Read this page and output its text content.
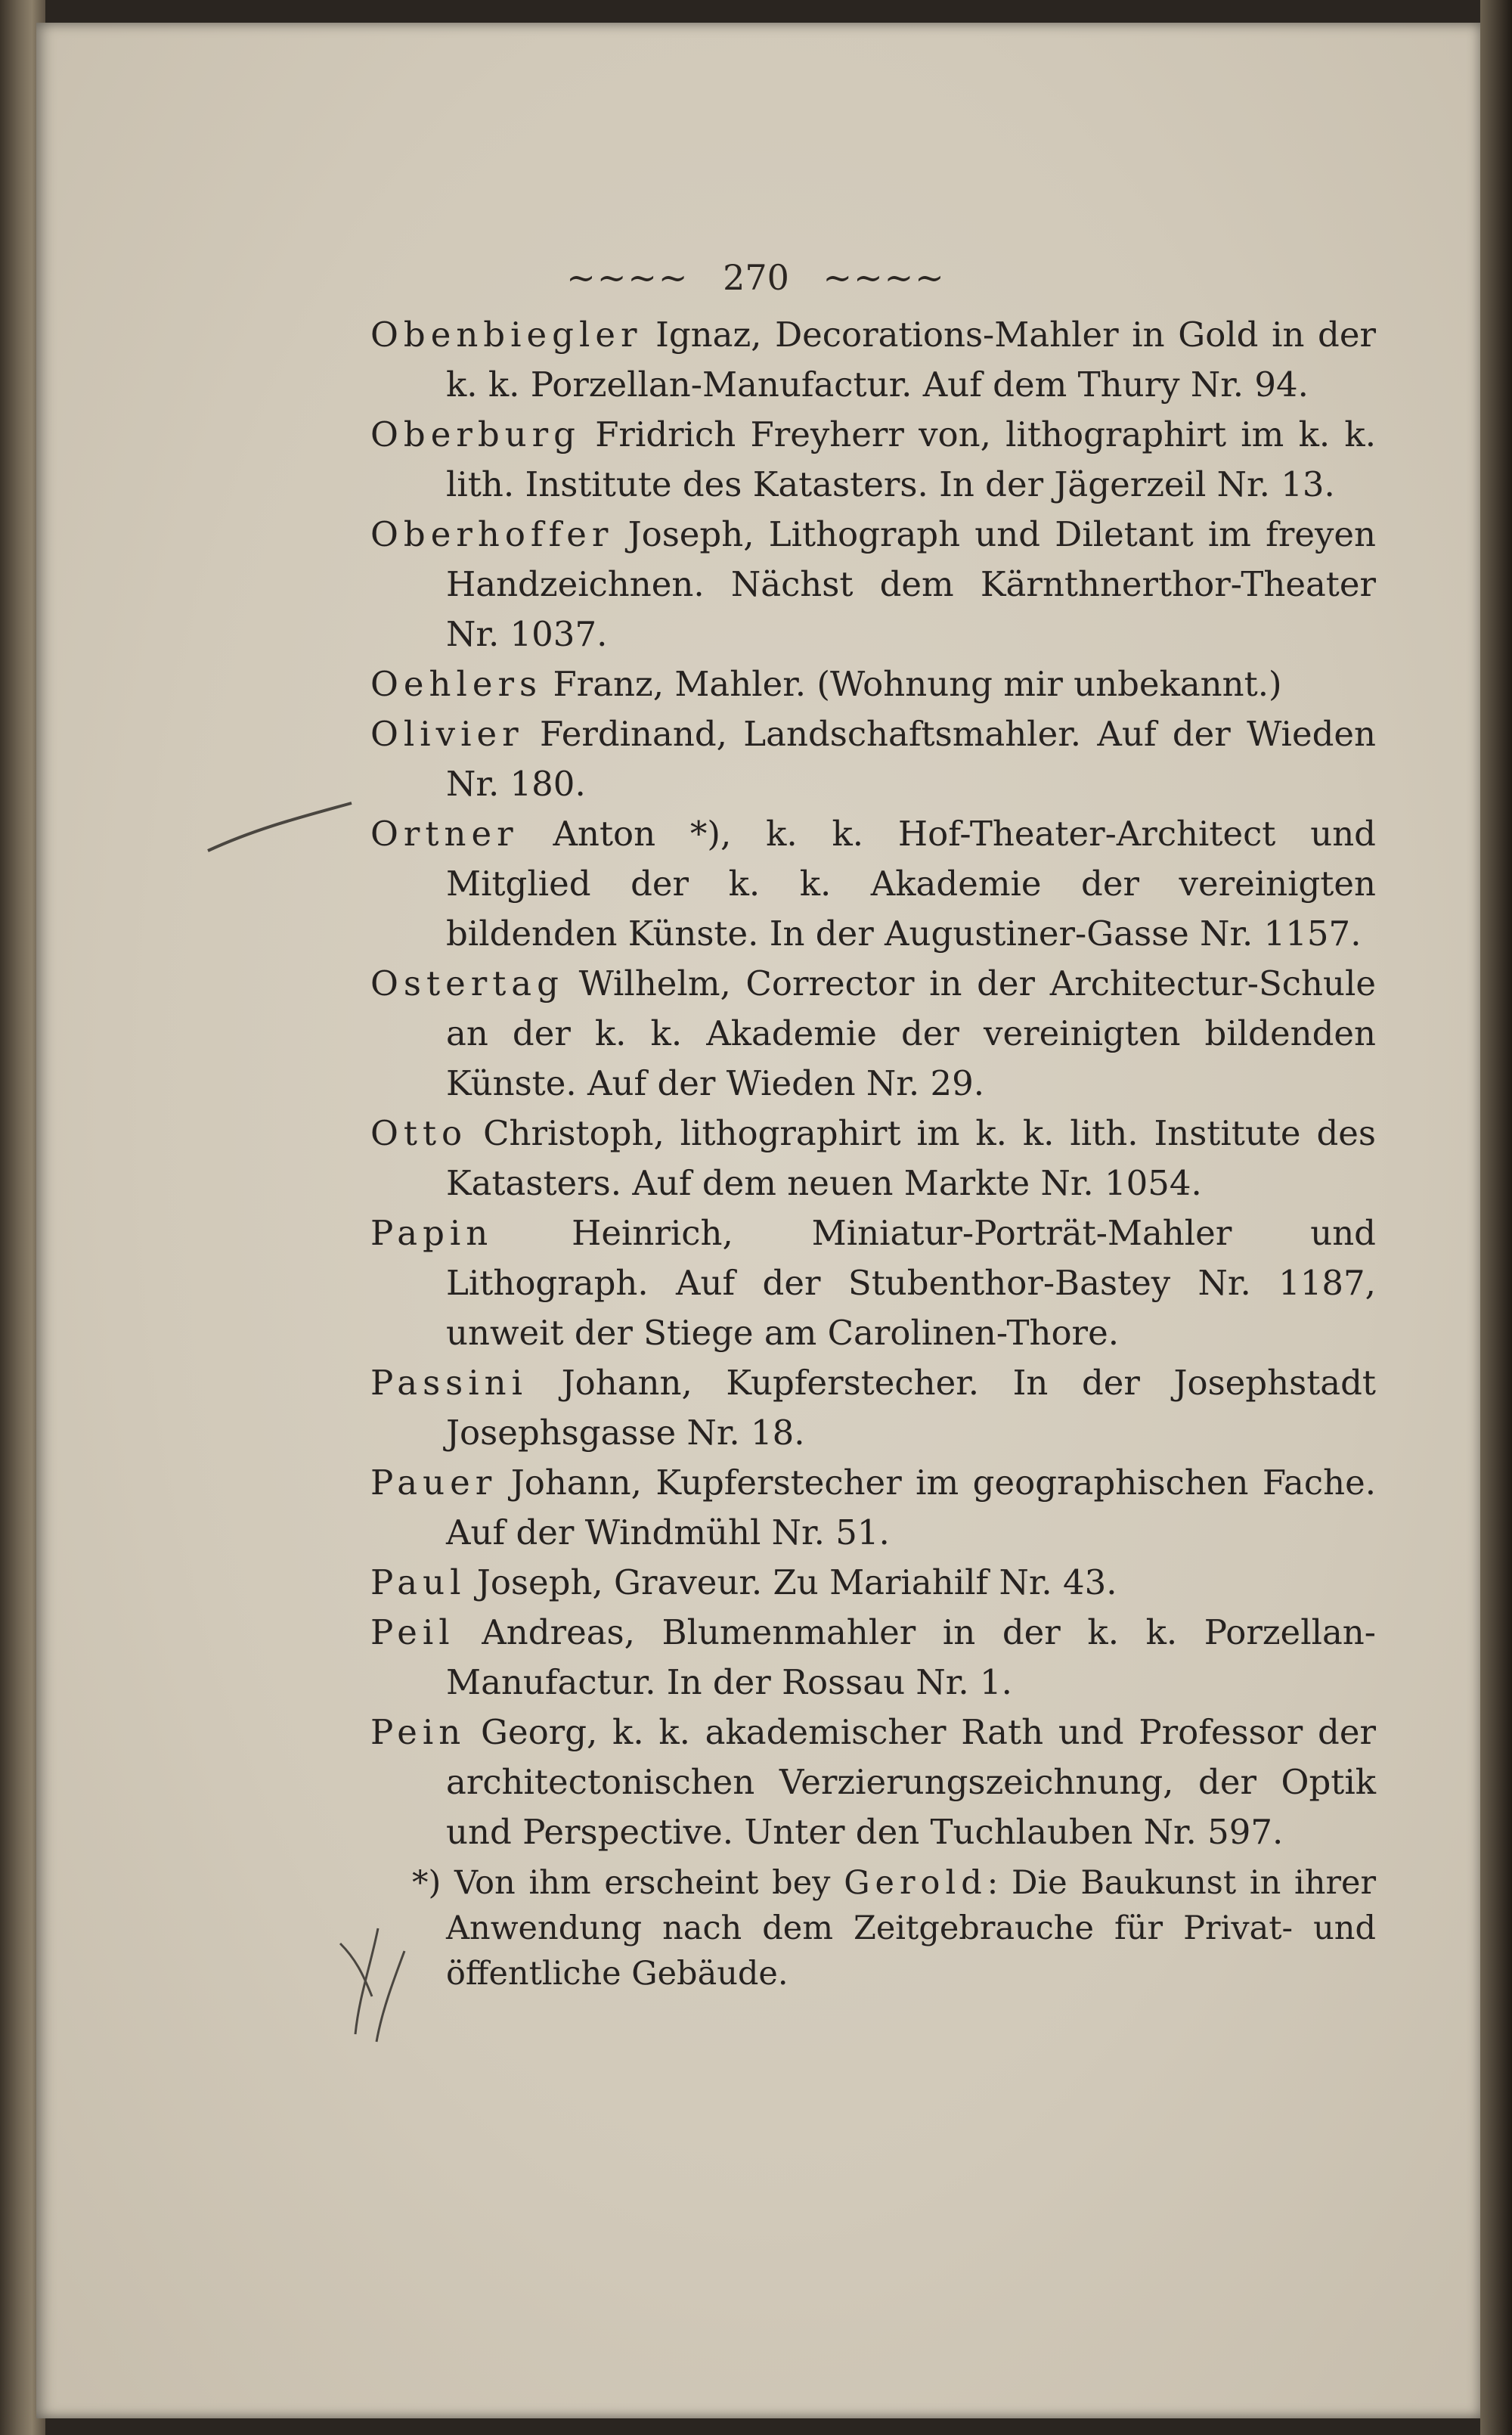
~~~~ 270 ~~~~

Obenbiegler Ignaz, Decorations-Mahler in Gold in der k. k. Porzellan-Manufactur. Auf dem Thury Nr. 94.

Oberburg Fridrich Freyherr von, lithographirt im k. k. lith. Institute des Katasters. In der Jägerzeil Nr. 13.

Oberhoffer Joseph, Lithograph und Diletant im freyen Handzeichnen. Nächst dem Kärnthnerthor-Theater Nr. 1037.

Oehlers Franz, Mahler. (Wohnung mir unbekannt.)

Olivier Ferdinand, Landschaftsmahler. Auf der Wieden Nr. 180.

Ortner Anton *), k. k. Hof-Theater-Architect und Mitglied der k. k. Akademie der vereinigten bildenden Künste. In der Augustiner-Gasse Nr. 1157.

Ostertag Wilhelm, Corrector in der Architectur-Schule an der k. k. Akademie der vereinigten bildenden Künste. Auf der Wieden Nr. 29.

Otto Christoph, lithographirt im k. k. lith. Institute des Katasters. Auf dem neuen Markte Nr. 1054.

Papin Heinrich, Miniatur-Porträt-Mahler und Lithograph. Auf der Stubenthor-Bastey Nr. 1187, unweit der Stiege am Carolinen-Thore.

Passini Johann, Kupferstecher. In der Josephstadt Josephsgasse Nr. 18.

Pauer Johann, Kupferstecher im geographischen Fache. Auf der Windmühl Nr. 51.

Paul Joseph, Graveur. Zu Mariahilf Nr. 43.

Peil Andreas, Blumenmahler in der k. k. Porzellan-Manufactur. In der Rossau Nr. 1.

Pein Georg, k. k. akademischer Rath und Professor der architectonischen Verzierungszeichnung, der Optik und Perspective. Unter den Tuchlauben Nr. 597.

*) Von ihm erscheint bey Gerold: Die Baukunst in ihrer Anwendung nach dem Zeitgebrauche für Privat- und öffentliche Gebäude.
